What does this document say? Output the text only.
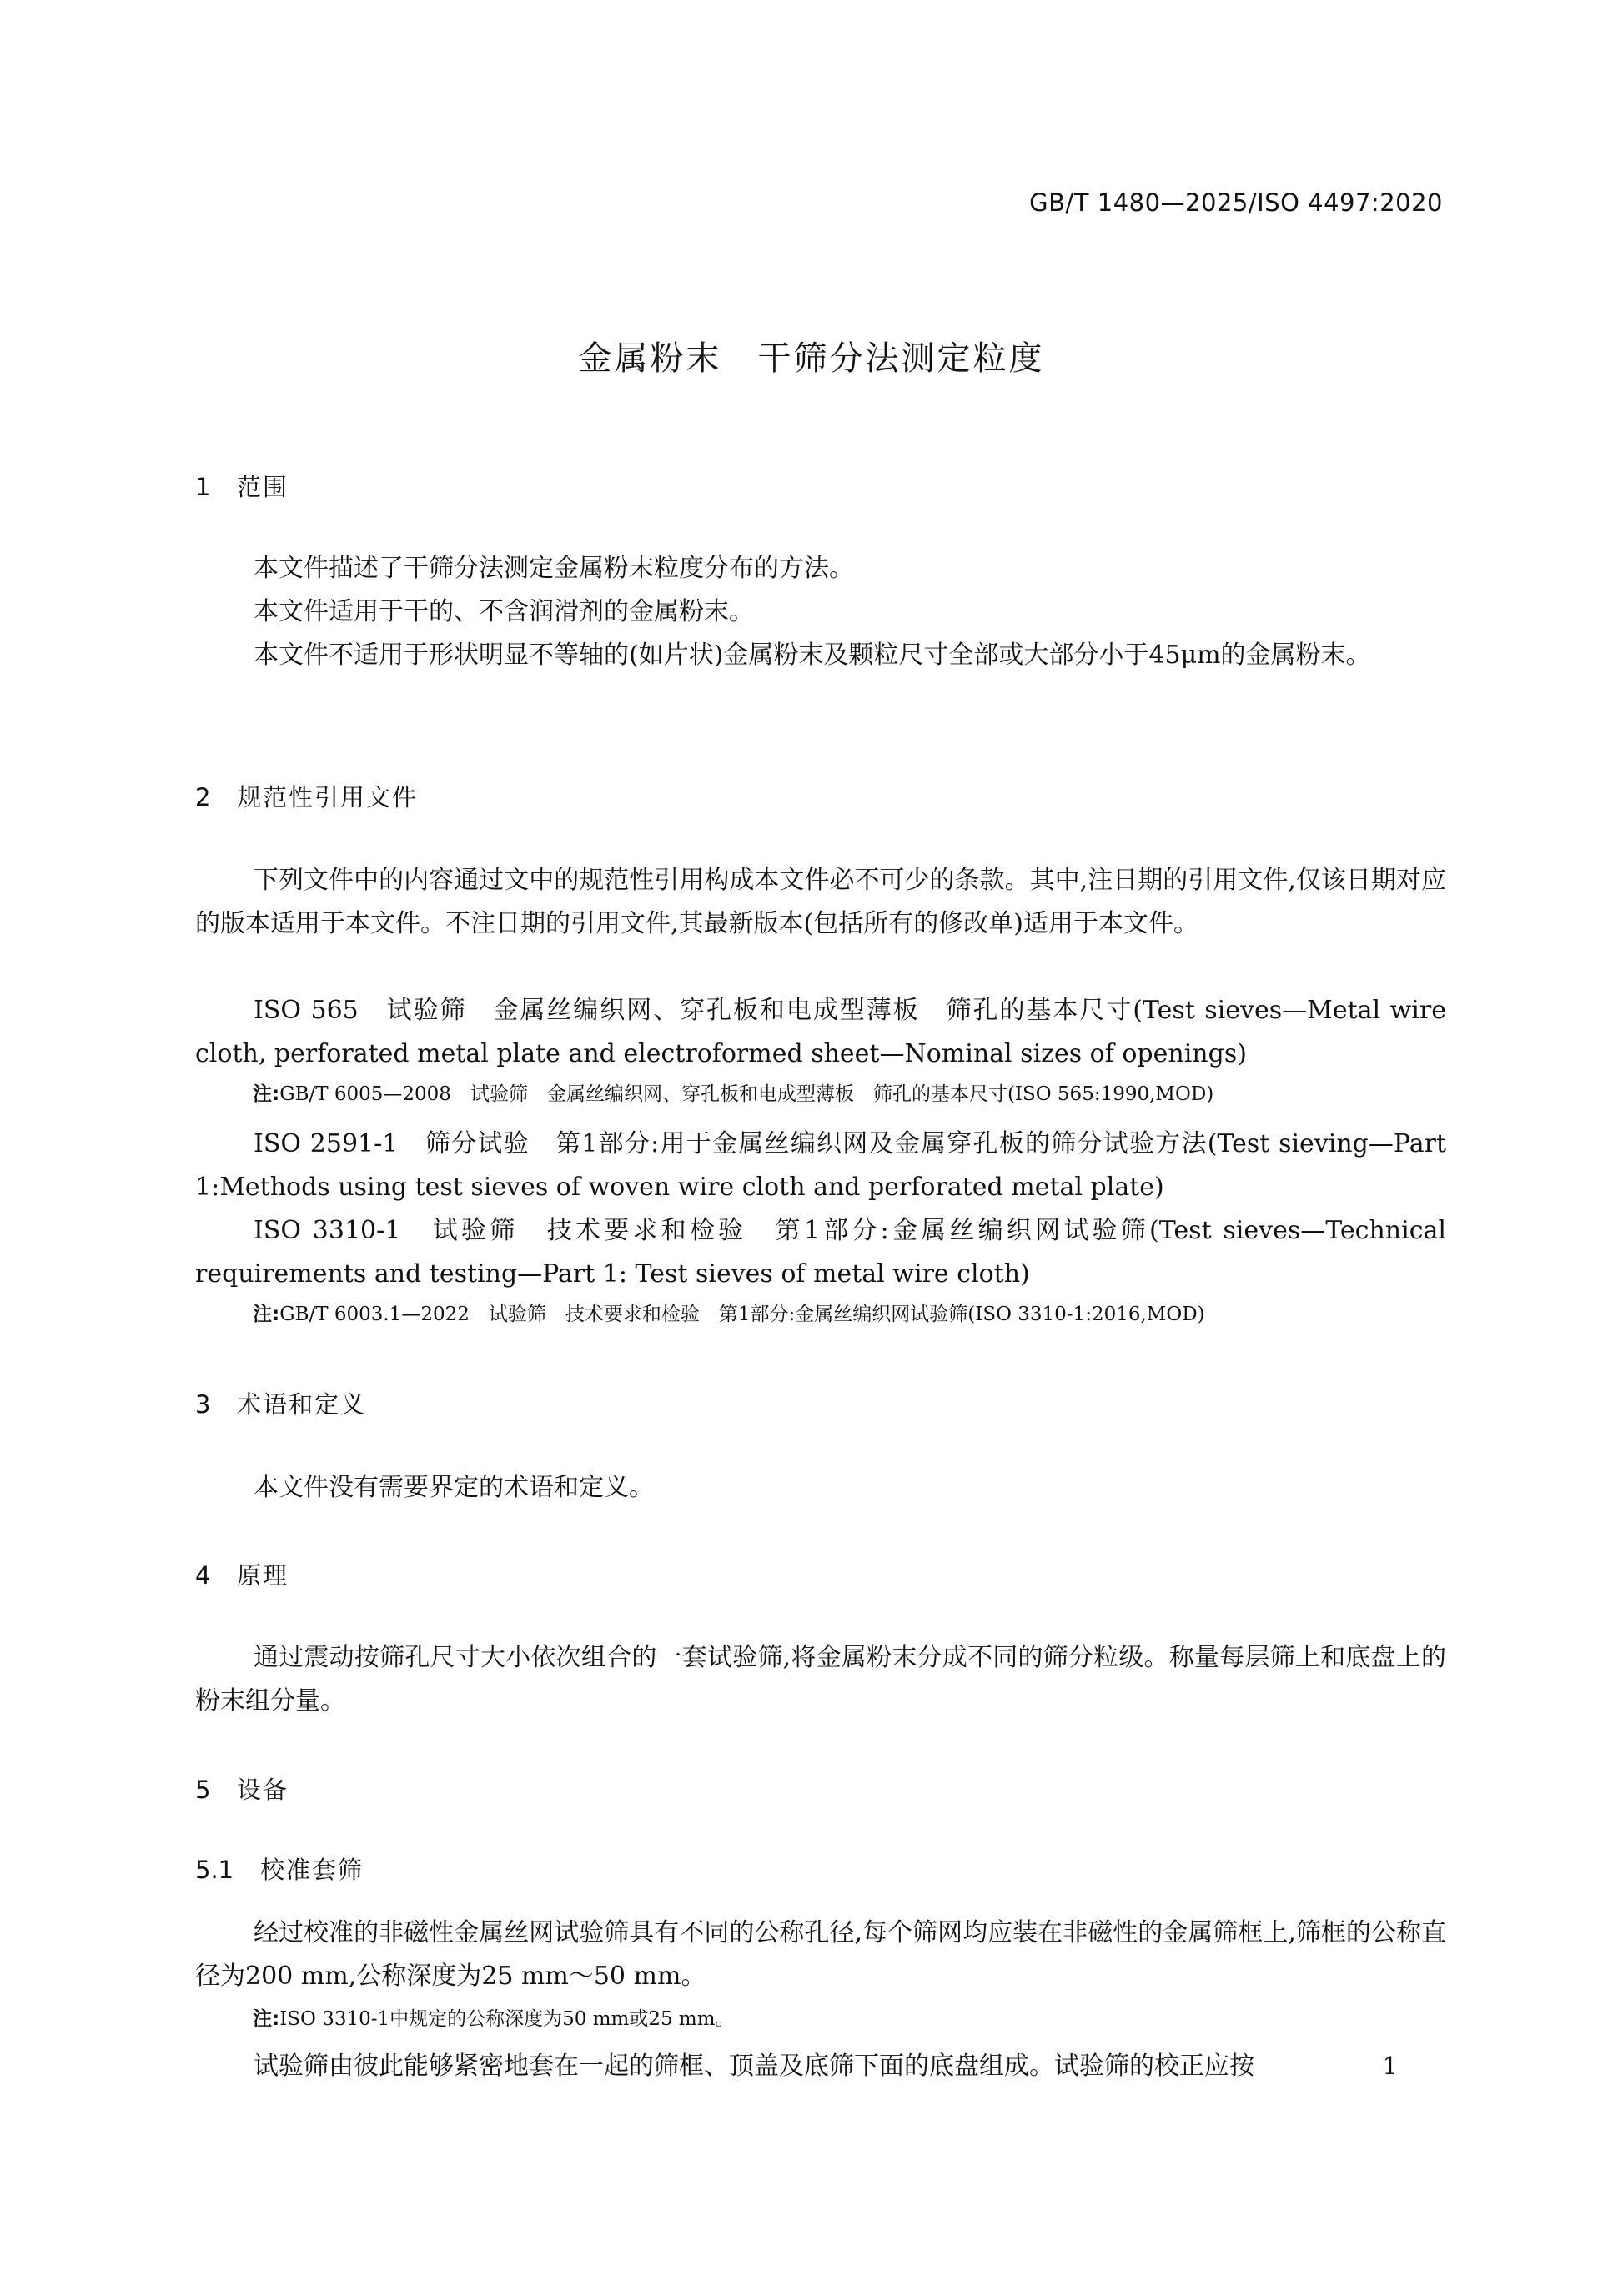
GB/T 1480—2025/ISO 4497:2020
金属粉末　干筛分法测定粒度
1 范围
本文件描述了干筛分法测定金属粉末粒度分布的方法。
本文件适用于干的、不含润滑剂的金属粉末。
本文件不适用于形状明显不等轴的(如片状)金属粉末及颗粒尺寸全部或大部分小于45μm的金属粉末。
2 规范性引用文件
下列文件中的内容通过文中的规范性引用构成本文件必不可少的条款。其中,注日期的引用文件,仅该日期对应的版本适用于本文件。不注日期的引用文件,其最新版本(包括所有的修改单)适用于本文件。
ISO 565　试验筛　金属丝编织网、穿孔板和电成型薄板　筛孔的基本尺寸(Test sieves—Metal wire cloth, perforated metal plate and electroformed sheet—Nominal sizes of openings)
注:GB/T 6005—2008　试验筛　金属丝编织网、穿孔板和电成型薄板　筛孔的基本尺寸(ISO 565:1990,MOD)
ISO 2591-1　筛分试验　第1部分:用于金属丝编织网及金属穿孔板的筛分试验方法(Test sieving—Part 1:Methods using test sieves of woven wire cloth and perforated metal plate)
ISO 3310-1　试验筛　技术要求和检验　第1部分:金属丝编织网试验筛(Test sieves—Technical requirements and testing—Part 1: Test sieves of metal wire cloth)
注:GB/T 6003.1—2022　试验筛　技术要求和检验　第1部分:金属丝编织网试验筛(ISO 3310-1:2016,MOD)
3 术语和定义
本文件没有需要界定的术语和定义。
4 原理
通过震动按筛孔尺寸大小依次组合的一套试验筛,将金属粉末分成不同的筛分粒级。称量每层筛上和底盘上的粉末组分量。
5 设备
5.1 校准套筛
经过校准的非磁性金属丝网试验筛具有不同的公称孔径,每个筛网均应装在非磁性的金属筛框上,筛框的公称直径为200 mm,公称深度为25 mm～50 mm。
注:ISO 3310-1中规定的公称深度为50 mm或25 mm。
试验筛由彼此能够紧密地套在一起的筛框、顶盖及底筛下面的底盘组成。试验筛的校正应按	1
